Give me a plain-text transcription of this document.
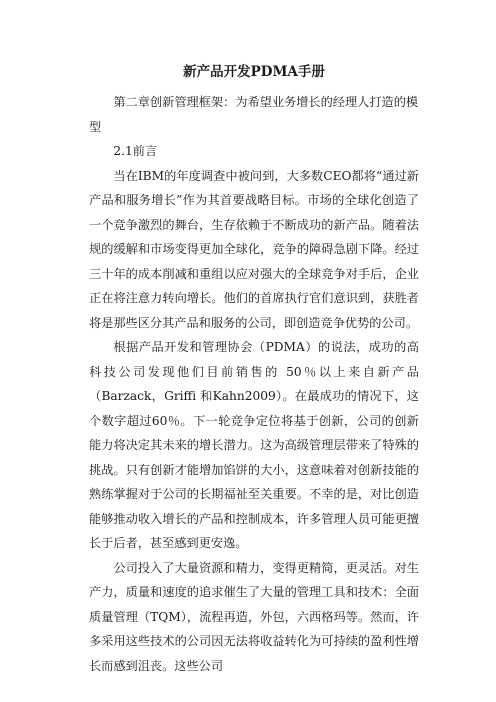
新产品开发PDMA手册

第二章创新管理框架：为希望业务增长的经理人打造的模型

2.1前言

当在IBM的年度调查中被问到，大多数CEO都将“通过新产品和服务增长”作为其首要战略目标。市场的全球化创造了一个竞争激烈的舞台，生存依赖于不断成功的新产品。随着法规的缓解和市场变得更加全球化，竞争的障碍急剧下降。经过三十年的成本削减和重组以应对强大的全球竞争对手后，企业正在将注意力转向增长。他们的首席执行官们意识到，获胜者将是那些区分其产品和服务的公司，即创造竞争优势的公司。

根据产品开发和管理协会（PDMA）的说法，成功的高科技公司发现他们目前销售的 50％以上来自新产品（Barzack，Griffi 和Kahn2009）。在最成功的情况下，这个数字超过60％。下一轮竞争定位将基于创新，公司的创新能力将决定其未来的增长潜力。这为高级管理层带来了特殊的挑战。只有创新才能增加馅饼的大小，这意味着对创新技能的熟练掌握对于公司的长期福祉至关重要。不幸的是，对比创造能够推动收入增长的产品和控制成本，许多管理人员可能更擅长于后者，甚至感到更安逸。

公司投入了大量资源和精力，变得更精简，更灵活。对生产力，质量和速度的追求催生了大量的管理工具和技术：全面质量管理（TQM），流程再造，外包，六西格玛等。然而，许多采用这些技术的公司因无法将收益转化为可持续的盈利性增长而感到沮丧。这些公司
